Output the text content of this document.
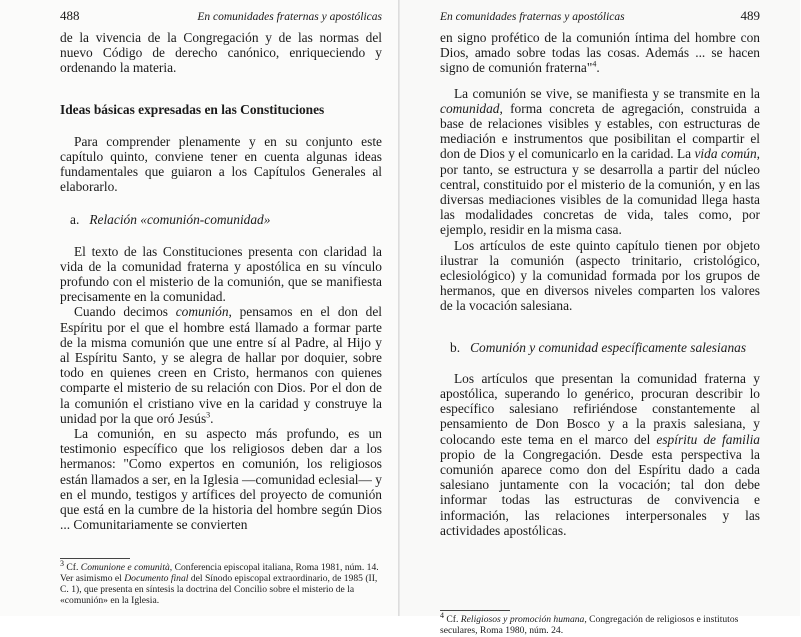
488	En comunidades fraternas y apostólicas

de la vivencia de la Congregación y de las normas del nuevo Código de derecho canónico, enriqueciendo y ordenando la materia.

Ideas básicas expresadas en las Constituciones

Para comprender plenamente y en su conjunto este capítulo quinto, conviene tener en cuenta algunas ideas fundamentales que guiaron a los Capítulos Generales al elaborarlo.

a. Relación «comunión-comunidad»

El texto de las Constituciones presenta con claridad la vida de la comunidad fraterna y apostólica en su vínculo profundo con el misterio de la comunión, que se manifiesta precisamente en la comunidad.

Cuando decimos comunión, pensamos en el don del Espíritu por el que el hombre está llamado a formar parte de la misma comunión que une entre sí al Padre, al Hijo y al Espíritu Santo, y se alegra de hallar por doquier, sobre todo en quienes creen en Cristo, hermanos con quienes comparte el misterio de su relación con Dios. Por el don de la comunión el cristiano vive en la caridad y construye la unidad por la que oró Jesús$^3$.

La comunión, en su aspecto más profundo, es un testimonio específico que los religiosos deben dar a los hermanos: "Como expertos en comunión, los religiosos están llamados a ser, en la Iglesia —comunidad eclesial— y en el mundo, testigos y artífices del proyecto de comunión que está en la cumbre de la historia del hombre según Dios ... Comunitariamente se convierten

$^3$ Cf. Comunione e comunità, Conferencia episcopal italiana, Roma 1981, núm. 14. Ver asimismo el Documento final del Sínodo episcopal extraordinario, de 1985 (II, C. 1), que presenta en síntesis la doctrina del Concilio sobre el misterio de la «comunión» en la Iglesia.
En comunidades fraternas y apostólicas	489

en signo profético de la comunión íntima del hombre con Dios, amado sobre todas las cosas. Además ... se hacen signo de comunión fraterna"$^4$.

La comunión se vive, se manifiesta y se transmite en la comunidad, forma concreta de agregación, construida a base de relaciones visibles y estables, con estructuras de mediación e instrumentos que posibilitan el compartir el don de Dios y el comunicarlo en la caridad. La vida común, por tanto, se estructura y se desarrolla a partir del núcleo central, constituido por el misterio de la comunión, y en las diversas mediaciones visibles de la comunidad llega hasta las modalidades concretas de vida, tales como, por ejemplo, residir en la misma casa.

Los artículos de este quinto capítulo tienen por objeto ilustrar la comunión (aspecto trinitario, cristológico, eclesiológico) y la comunidad formada por los grupos de hermanos, que en diversos niveles comparten los valores de la vocación salesiana.

b. Comunión y comunidad específicamente salesianas

Los artículos que presentan la comunidad fraterna y apostólica, superando lo genérico, procuran describir lo específico salesiano refiriéndose constantemente al pensamiento de Don Bosco y a la praxis salesiana, y colocando este tema en el marco del espíritu de familia propio de la Congregación. Desde esta perspectiva la comunión aparece como don del Espíritu dado a cada salesiano juntamente con la vocación; tal don debe informar todas las estructuras de convivencia e información, las relaciones interpersonales y las actividades apostólicas.

$^4$ Cf. Religiosos y promoción humana, Congregación de religiosos e institutos seculares, Roma 1980, núm. 24.
